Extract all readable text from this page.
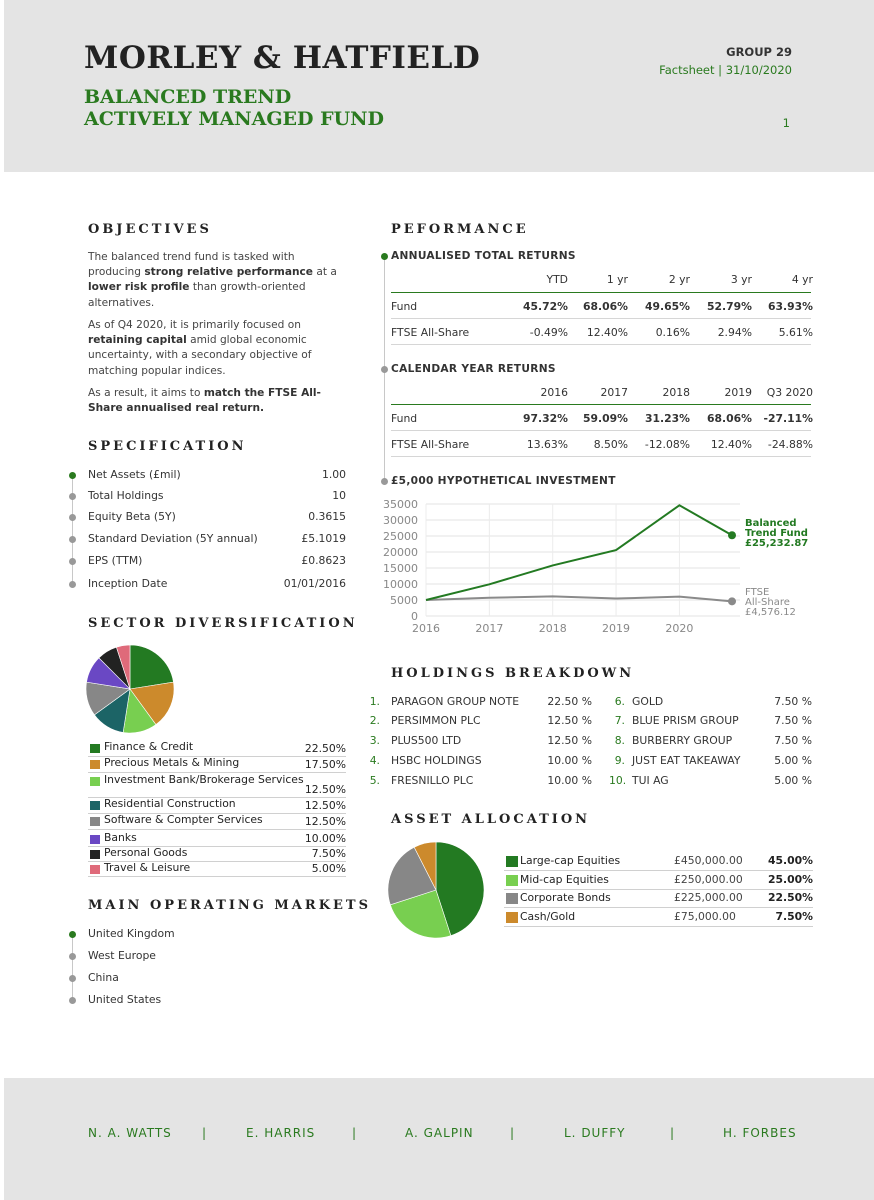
MORLEY & HATFIELD
BALANCED TREND
ACTIVELY MANAGED FUND
GROUP 29
Factsheet | 31/10/2020
1
OBJECTIVES
The balanced trend fund is tasked with producing strong relative performance at a lower risk profile than growth-oriented alternatives.
As of Q4 2020, it is primarily focused on retaining capital amid global economic uncertainty, with a secondary objective of matching popular indices.
As a result, it aims to match the FTSE All-Share annualised real return.
SPECIFICATION
Net Assets (£mil)	1.00
Total Holdings	10
Equity Beta (5Y)	0.3615
Standard Deviation (5Y annual)	£5.1019
EPS (TTM)	£0.8623
Inception Date	01/01/2016
SECTOR DIVERSIFICATION
Finance & Credit	22.50%
Precious Metals & Mining	17.50%
Investment Bank/Brokerage Services
12.50%
Residential Construction	12.50%
Software & Compter Services	12.50%
Banks	10.00%
Personal Goods	7.50%
Travel & Leisure	5.00%
MAIN OPERATING MARKETS
United Kingdom
West Europe
China
United States
PEFORMANCE
ANNUALISED TOTAL RETURNS
YTD	1 yr	2 yr	3 yr	4 yr
Fund	45.72%	68.06%	49.65%	52.79%	63.93%
FTSE All-Share	-0.49%	12.40%	0.16%	2.94%	5.61%
CALENDAR YEAR RETURNS
2016	2017	2018	2019	Q3 2020
Fund	97.32%	59.09%	31.23%	68.06%	-27.11%
FTSE All-Share	13.63%	8.50%	-12.08%	12.40%	-24.88%
£5,000 HYPOTHETICAL INVESTMENT
0
5000
10000
15000
20000
25000
30000
35000
2016	2017	2018	2019	2020
FTSE
All-Share
£4,576.12
Balanced
Trend Fund
£25,232.87
HOLDINGS BREAKDOWN
1. PARAGON GROUP NOTE	22.50 %
2. PERSIMMON PLC	12.50 %
3. PLUS500 LTD	12.50 %
4. HSBC HOLDINGS	10.00 %
5. FRESNILLO PLC	10.00 %
6. GOLD	7.50 %
7. BLUE PRISM GROUP	7.50 %
8. BURBERRY GROUP	7.50 %
9. JUST EAT TAKEAWAY	5.00 %
10. TUI AG	5.00 %
ASSET ALLOCATION
Large-cap Equities	£450,000.00 45.00%
Mid-cap Equities	£250,000.00 25.00%
Corporate Bonds	£225,000.00 22.50%
Cash/Gold	£75,000.00	7.50%
N. A. WATTS	E. HARRIS	A. GALPIN	L. DUFFY	H. FORBES
|	|	|	|
